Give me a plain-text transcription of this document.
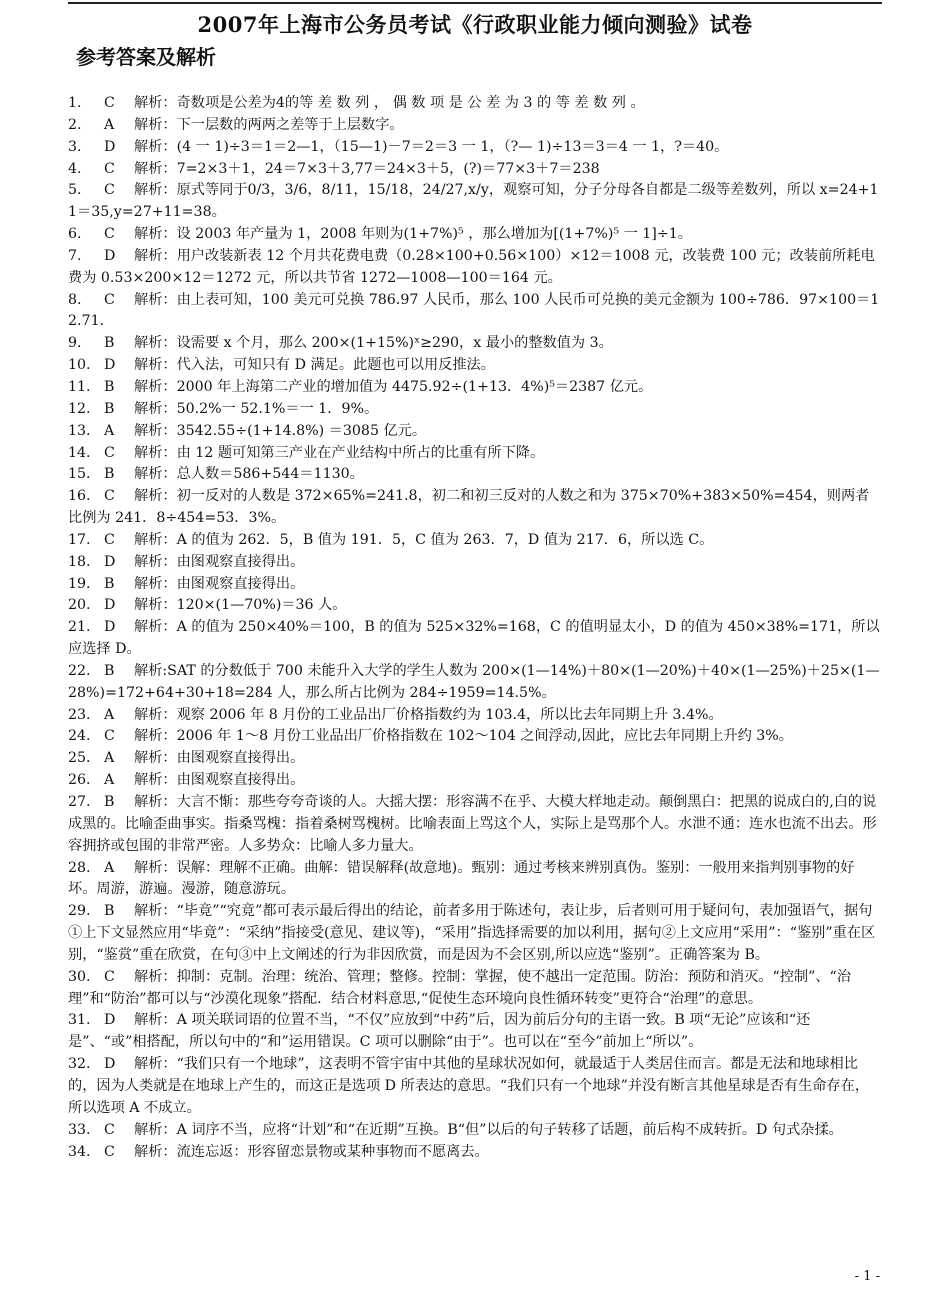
2007年上海市公务员考试《行政职业能力倾向测验》试卷
参考答案及解析

1. C 解析：奇数项是公差为4的等 差 数 列 ， 偶 数 项 是 公 差 为 3 的 等 差 数 列 。

2. A 解析：下一层数的两两之差等于上层数字。

3. D 解析：(4 一 1)÷3＝1＝2—1，（15—1)－7＝2＝3 一 1，（?— 1)÷13＝3＝4 一 1，?＝40。

4. C 解析：7=2×3＋1，24＝7×3＋3,77＝24×3＋5，(?)＝77×3＋7＝238

5. C 解析：原式等同于0/3，3/6，8/11，15/18，24/27,x/y，观察可知，分子分母各自都是二级等差数列，所以 x=24+11＝35,y=27+11=38。

6. C 解析：设 2003 年产量为 1，2008 年则为(1+7%)⁵ ，那么增加为[(1+7%)⁵ 一 1]÷1。

7. D 解析：用户改装新表 12 个月共花费电费（0.28×100+0.56×100）×12＝1008 元，改装费 100 元；改装前所耗电费为 0.53×200×12＝1272 元，所以共节省 1272—1008—100＝164 元。

8. C 解析：由上表可知，100 美元可兑换 786.97 人民币，那么 100 人民币可兑换的美元金额为 100÷786．97×100＝12.71．

9. B 解析：设需要 x 个月，那么 200×(1+15%)ˣ≥290，x 最小的整数值为 3。

10. D 解析：代入法，可知只有 D 满足。此题也可以用反推法。

11. B 解析：2000 年上海第二产业的增加值为 4475.92÷(1+13．4%)⁵＝2387 亿元。

12. B 解析：50.2%一 52.1%＝一 1．9%。

13. A 解析：3542.55÷(1+14.8%) ＝3085 亿元。

14. C 解析：由 12 题可知第三产业在产业结构中所占的比重有所下降。

15. B 解析：总人数＝586+544＝1130。

16. C 解析：初一反对的人数是 372×65%=241.8，初二和初三反对的人数之和为 375×70%+383×50%=454，则两者比例为 241．8÷454=53．3%。

17. C 解析：A 的值为 262．5，B 值为 191．5，C 值为 263．7，D 值为 217．6，所以选 C。

18. D 解析：由图观察直接得出。

19. B 解析：由图观察直接得出。

20. D 解析：120×(1—70%)＝36 人。

21. D 解析：A 的值为 250×40%＝100，B 的值为 525×32%=168，C 的值明显太小，D 的值为 450×38%=171，所以应选择 D。

22. B 解析:SAT 的分数低于 700 未能升入大学的学生人数为 200×(1—14%)＋80×(1—20%)＋40×(1—25%)＋25×(1—28%)=172+64+30+18=284 人，那么所占比例为 284÷1959=14.5%。

23. A 解析：观察 2006 年 8 月份的工业品出厂价格指数约为 103.4，所以比去年同期上升 3.4%。

24. C 解析：2006 年 1～8 月份工业品出厂价格指数在 102～104 之间浮动,因此，应比去年同期上升约 3%。

25. A 解析：由图观察直接得出。

26. A 解析：由图观察直接得出。

27. B 解析：大言不惭：那些夸夸奇谈的人。大摇大摆：形容满不在乎、大模大样地走动。颠倒黑白：把黑的说成白的,白的说成黑的。比喻歪曲事实。指桑骂槐：指着桑树骂槐树。比喻表面上骂这个人，实际上是骂那个人。水泄不通：连水也流不出去。形容拥挤或包围的非常严密。人多势众：比喻人多力量大。

28. A 解析：误解：理解不正确。曲解：错误解释(故意地)。甄别：通过考核来辨别真伪。鉴别：一般用来指判别事物的好坏。周游，游遍。漫游，随意游玩。

29. B 解析：“毕竟”“究竟”都可表示最后得出的结论，前者多用于陈述句，表让步，后者则可用于疑问句，表加强语气，据句①上下文显然应用“毕竟”：“采纳”指接受(意见、建议等)，“采用”指选择需要的加以利用，据句②上文应用“采用”：“鉴别”重在区别，“鉴赏”重在欣赏，在句③中上文阐述的行为非因欣赏，而是因为不会区别,所以应选“鉴别”。正确答案为 B。

30. C 解析：抑制：克制。治理：统治、管理；整修。控制：掌握，使不越出一定范围。防治：预防和消灭。“控制”、“治理”和“防治”都可以与“沙漠化现象”搭配．结合材料意思,“促使生态环境向良性循环转变”更符合“治理”的意思。

31. D 解析：A 项关联词语的位置不当，“不仅”应放到“中药”后，因为前后分句的主语一致。B 项“无论”应该和“还是”、“或”相搭配，所以句中的“和”运用错误。C 项可以删除“由于”。也可以在“至今”前加上“所以”。

32. D 解析：“我们只有一个地球”，这表明不管宇宙中其他的星球状况如何，就最适于人类居住而言。都是无法和地球相比的，因为人类就是在地球上产生的，而这正是选项 D 所表达的意思。“我们只有一个地球”并没有断言其他星球是否有生命存在，所以选项 A 不成立。

33. C 解析：A 词序不当，应将“计划”和“在近期”互换。B“但”以后的句子转移了话题，前后构不成转折。D 句式杂揉。

34. C 解析：流连忘返：形容留恋景物或某种事物而不愿离去。

- 1 -
